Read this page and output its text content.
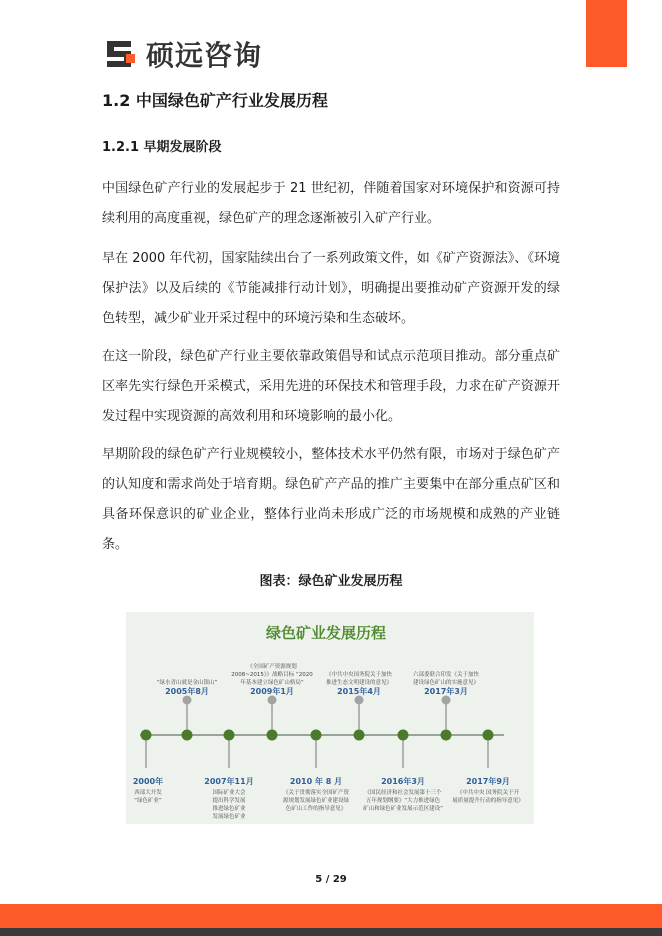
硕远咨询
1.2 中国绿色矿产行业发展历程
1.2.1 早期发展阶段

中国绿色矿产行业的发展起步于 21 世纪初，伴随着国家对环境保护和资源可持续利用的高度重视，绿色矿产的理念逐渐被引入矿产行业。

早在 2000 年代初，国家陆续出台了一系列政策文件，如《矿产资源法》、《环境保护法》以及后续的《节能减排行动计划》，明确提出要推动矿产资源开发的绿色转型，减少矿业开采过程中的环境污染和生态破坏。

在这一阶段，绿色矿产行业主要依靠政策倡导和试点示范项目推动。部分重点矿区率先实行绿色开采模式，采用先进的环保技术和管理手段，力求在矿产资源开发过程中实现资源的高效利用和环境影响的最小化。

早期阶段的绿色矿产行业规模较小，整体技术水平仍然有限，市场对于绿色矿产的认知度和需求尚处于培育期。绿色矿产产品的推广主要集中在部分重点矿区和具备环保意识的矿业企业，整体行业尚未形成广泛的市场规模和成熟的产业链条。

图表：绿色矿业发展历程
绿色矿业发展历程
2005年8月
“绿水青山就是金山银山”
2009年1月
《全国矿产资源规划
2008~2015》》战略目标 “2020
年基本建立绿色矿山格局”
2015年4月
《中共中央国务院关于加快
推进生态文明建设的意见》
2017年3月
六部委联合印发《关于加快
建设绿色矿山的实施意见》
2000年
西部大开发
“绿色矿业”
2007年11月
国际矿业大会
提出科学发展
推进绿色矿业
发展绿色矿业
2010 年 8 月
《关于贯彻落实全国矿产资
源规划发展绿色矿业建设绿
色矿山工作的指导意见》
2016年3月
《国民经济和社会发展第十三个
五年规划纲要》“大力推进绿色
矿山和绿色矿业发展示范区建设”
2017年9月
《中共中央 国务院关于开
展质量提升行动的指导意见》
5 / 29
